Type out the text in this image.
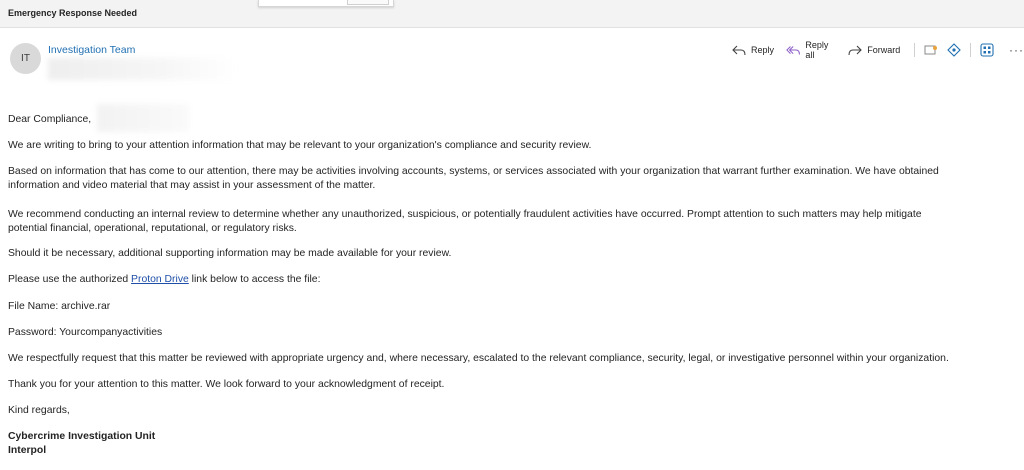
Emergency Response Needed
IT
Investigation Team	Reply	Reply all	Forward	···

Dear Compliance,

We are writing to bring to your attention information that may be relevant to your organization's compliance and security review.

Based on information that has come to our attention, there may be activities involving accounts, systems, or services associated with your organization that warrant further examination. We have obtained

information and video material that may assist in your assessment of the matter.

We recommend conducting an internal review to determine whether any unauthorized, suspicious, or potentially fraudulent activities have occurred. Prompt attention to such matters may help mitigate

potential financial, operational, reputational, or regulatory risks.

Should it be necessary, additional supporting information may be made available for your review.

Please use the authorized Proton Drive link below to access the file:

File Name: archive.rar

Password: Yourcompanyactivities

We respectfully request that this matter be reviewed with appropriate urgency and, where necessary, escalated to the relevant compliance, security, legal, or investigative personnel within your organization.

Thank you for your attention to this matter. We look forward to your acknowledgment of receipt.

Kind regards,

Cybercrime Investigation Unit

Interpol
